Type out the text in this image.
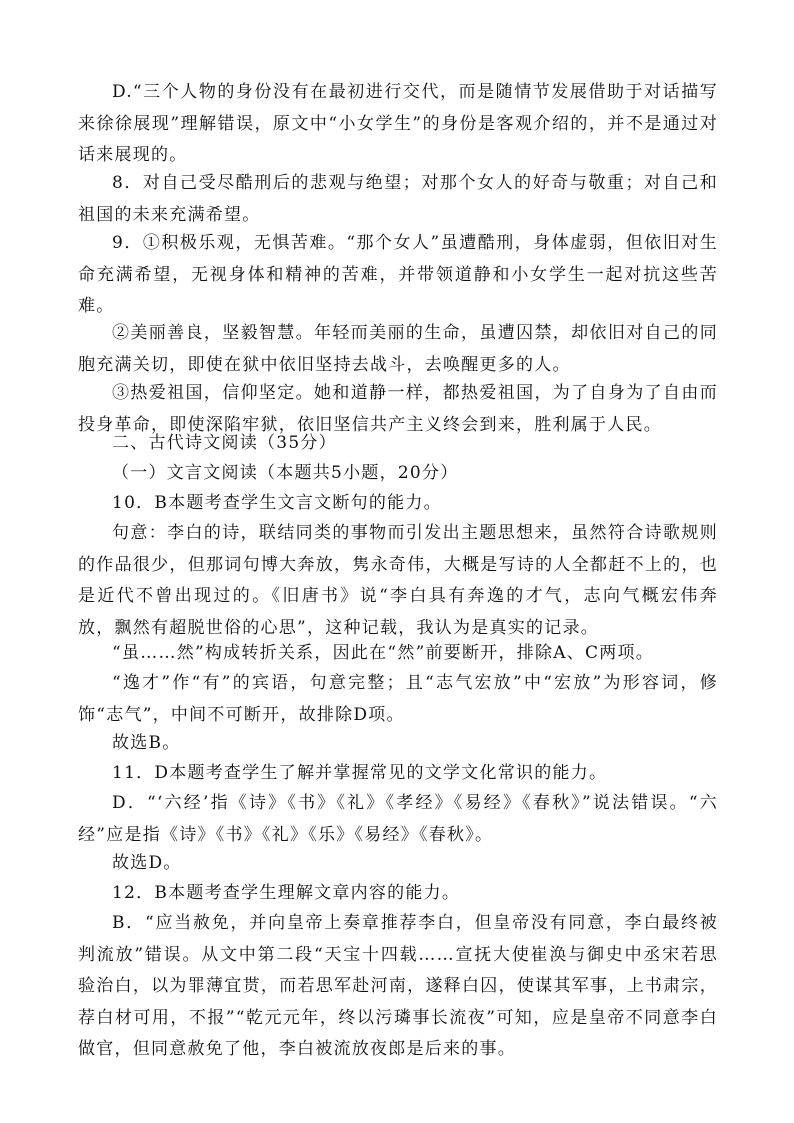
D.“三个人物的身份没有在最初进行交代，而是随情节发展借助于对话描写来徐徐展现”理解错误，原文中“小女学生”的身份是客观介绍的，并不是通过对话来展现的。

8．对自己受尽酷刑后的悲观与绝望；对那个女人的好奇与敬重；对自己和祖国的未来充满希望。

9．①积极乐观，无惧苦难。“那个女人”虽遭酷刑，身体虚弱，但依旧对生命充满希望，无视身体和精神的苦难，并带领道静和小女学生一起对抗这些苦难。

②美丽善良，坚毅智慧。年轻而美丽的生命，虽遭囚禁，却依旧对自己的同胞充满关切，即使在狱中依旧坚持去战斗，去唤醒更多的人。

③热爱祖国，信仰坚定。她和道静一样，都热爱祖国，为了自身为了自由而投身革命，即使深陷牢狱，依旧坚信共产主义终会到来，胜利属于人民。

二、古代诗文阅读（35分）

（一）文言文阅读（本题共5小题，20分）

10．B本题考查学生文言文断句的能力。

句意：李白的诗，联结同类的事物而引发出主题思想来，虽然符合诗歌规则的作品很少，但那词句博大奔放，隽永奇伟，大概是写诗的人全都赶不上的，也是近代不曾出现过的。《旧唐书》说“李白具有奔逸的才气，志向气概宏伟奔放，飘然有超脱世俗的心思”，这种记载，我认为是真实的记录。

“虽……然”构成转折关系，因此在“然”前要断开，排除A、C两项。

“逸才”作“有”的宾语，句意完整；且“志气宏放”中“宏放”为形容词，修饰“志气”，中间不可断开，故排除D项。

故选B。

11．D本题考查学生了解并掌握常见的文学文化常识的能力。

D．“‘六经’指《诗》《书》《礼》《孝经》《易经》《春秋》”说法错误。“六经”应是指《诗》《书》《礼》《乐》《易经》《春秋》。

故选D。

12．B本题考查学生理解文章内容的能力。

B．“应当赦免，并向皇帝上奏章推荐李白，但皇帝没有同意，李白最终被判流放”错误。从文中第二段“天宝十四载……宣抚大使崔涣与御史中丞宋若思验治白，以为罪薄宜贳，而若思军赴河南，遂释白囚，使谋其军事，上书肃宗，荐白材可用，不报”“乾元元年，终以污璘事长流夜”可知，应是皇帝不同意李白做官，但同意赦免了他，李白被流放夜郎是后来的事。
